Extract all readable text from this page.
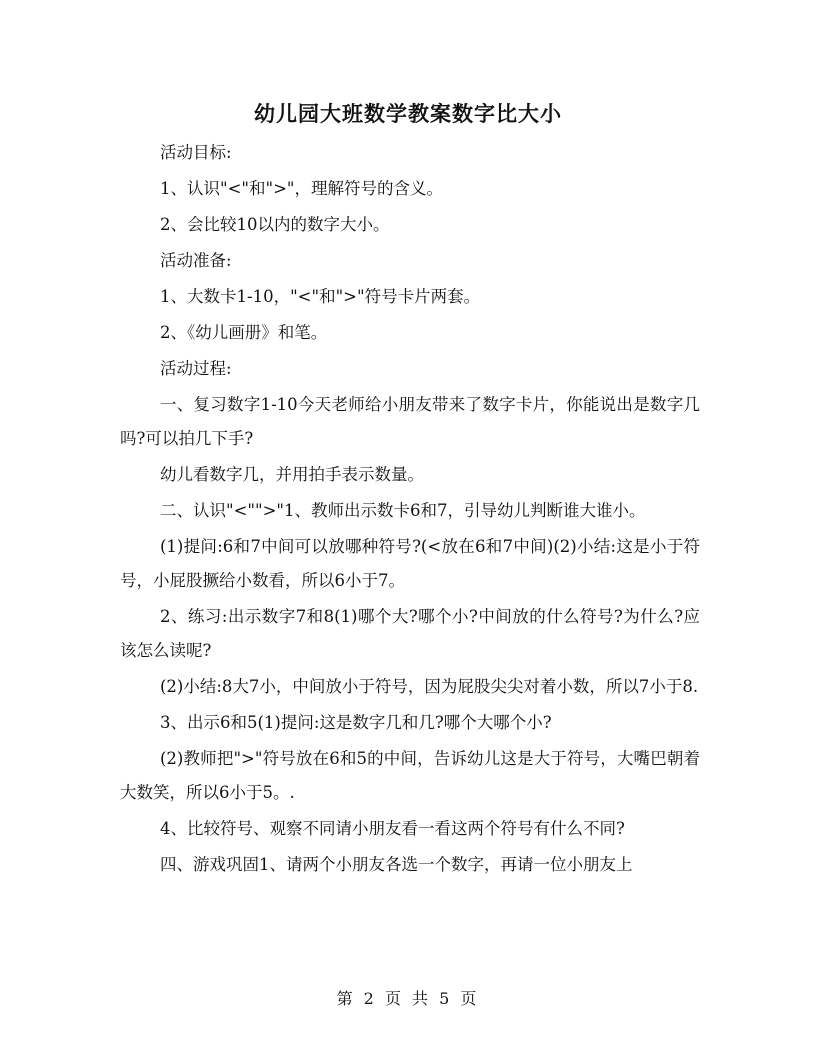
幼儿园大班数学教案数字比大小

活动目标:

1、认识"<"和">"，理解符号的含义。

2、会比较10以内的数字大小。

活动准备:

1、大数卡1-10，"<"和">"符号卡片两套。

2、《幼儿画册》和笔。

活动过程:

一、复习数字1-10今天老师给小朋友带来了数字卡片，你能说出是数字几吗?可以拍几下手?

幼儿看数字几，并用拍手表示数量。

二、认识"<"">"1、教师出示数卡6和7，引导幼儿判断谁大谁小。

(1)提问:6和7中间可以放哪种符号?(<放在6和7中间)(2)小结:这是小于符号，小屁股撅给小数看，所以6小于7。

2、练习:出示数字7和8(1)哪个大?哪个小?中间放的什么符号?为什么?应该怎么读呢?

(2)小结:8大7小，中间放小于符号，因为屁股尖尖对着小数，所以7小于8.

3、出示6和5(1)提问:这是数字几和几?哪个大哪个小?

(2)教师把">"符号放在6和5的中间，告诉幼儿这是大于符号，大嘴巴朝着大数笑，所以6小于5。.

4、比较符号、观察不同请小朋友看一看这两个符号有什么不同?

四、游戏巩固1、请两个小朋友各选一个数字，再请一位小朋友上

第 2 页 共 5 页
